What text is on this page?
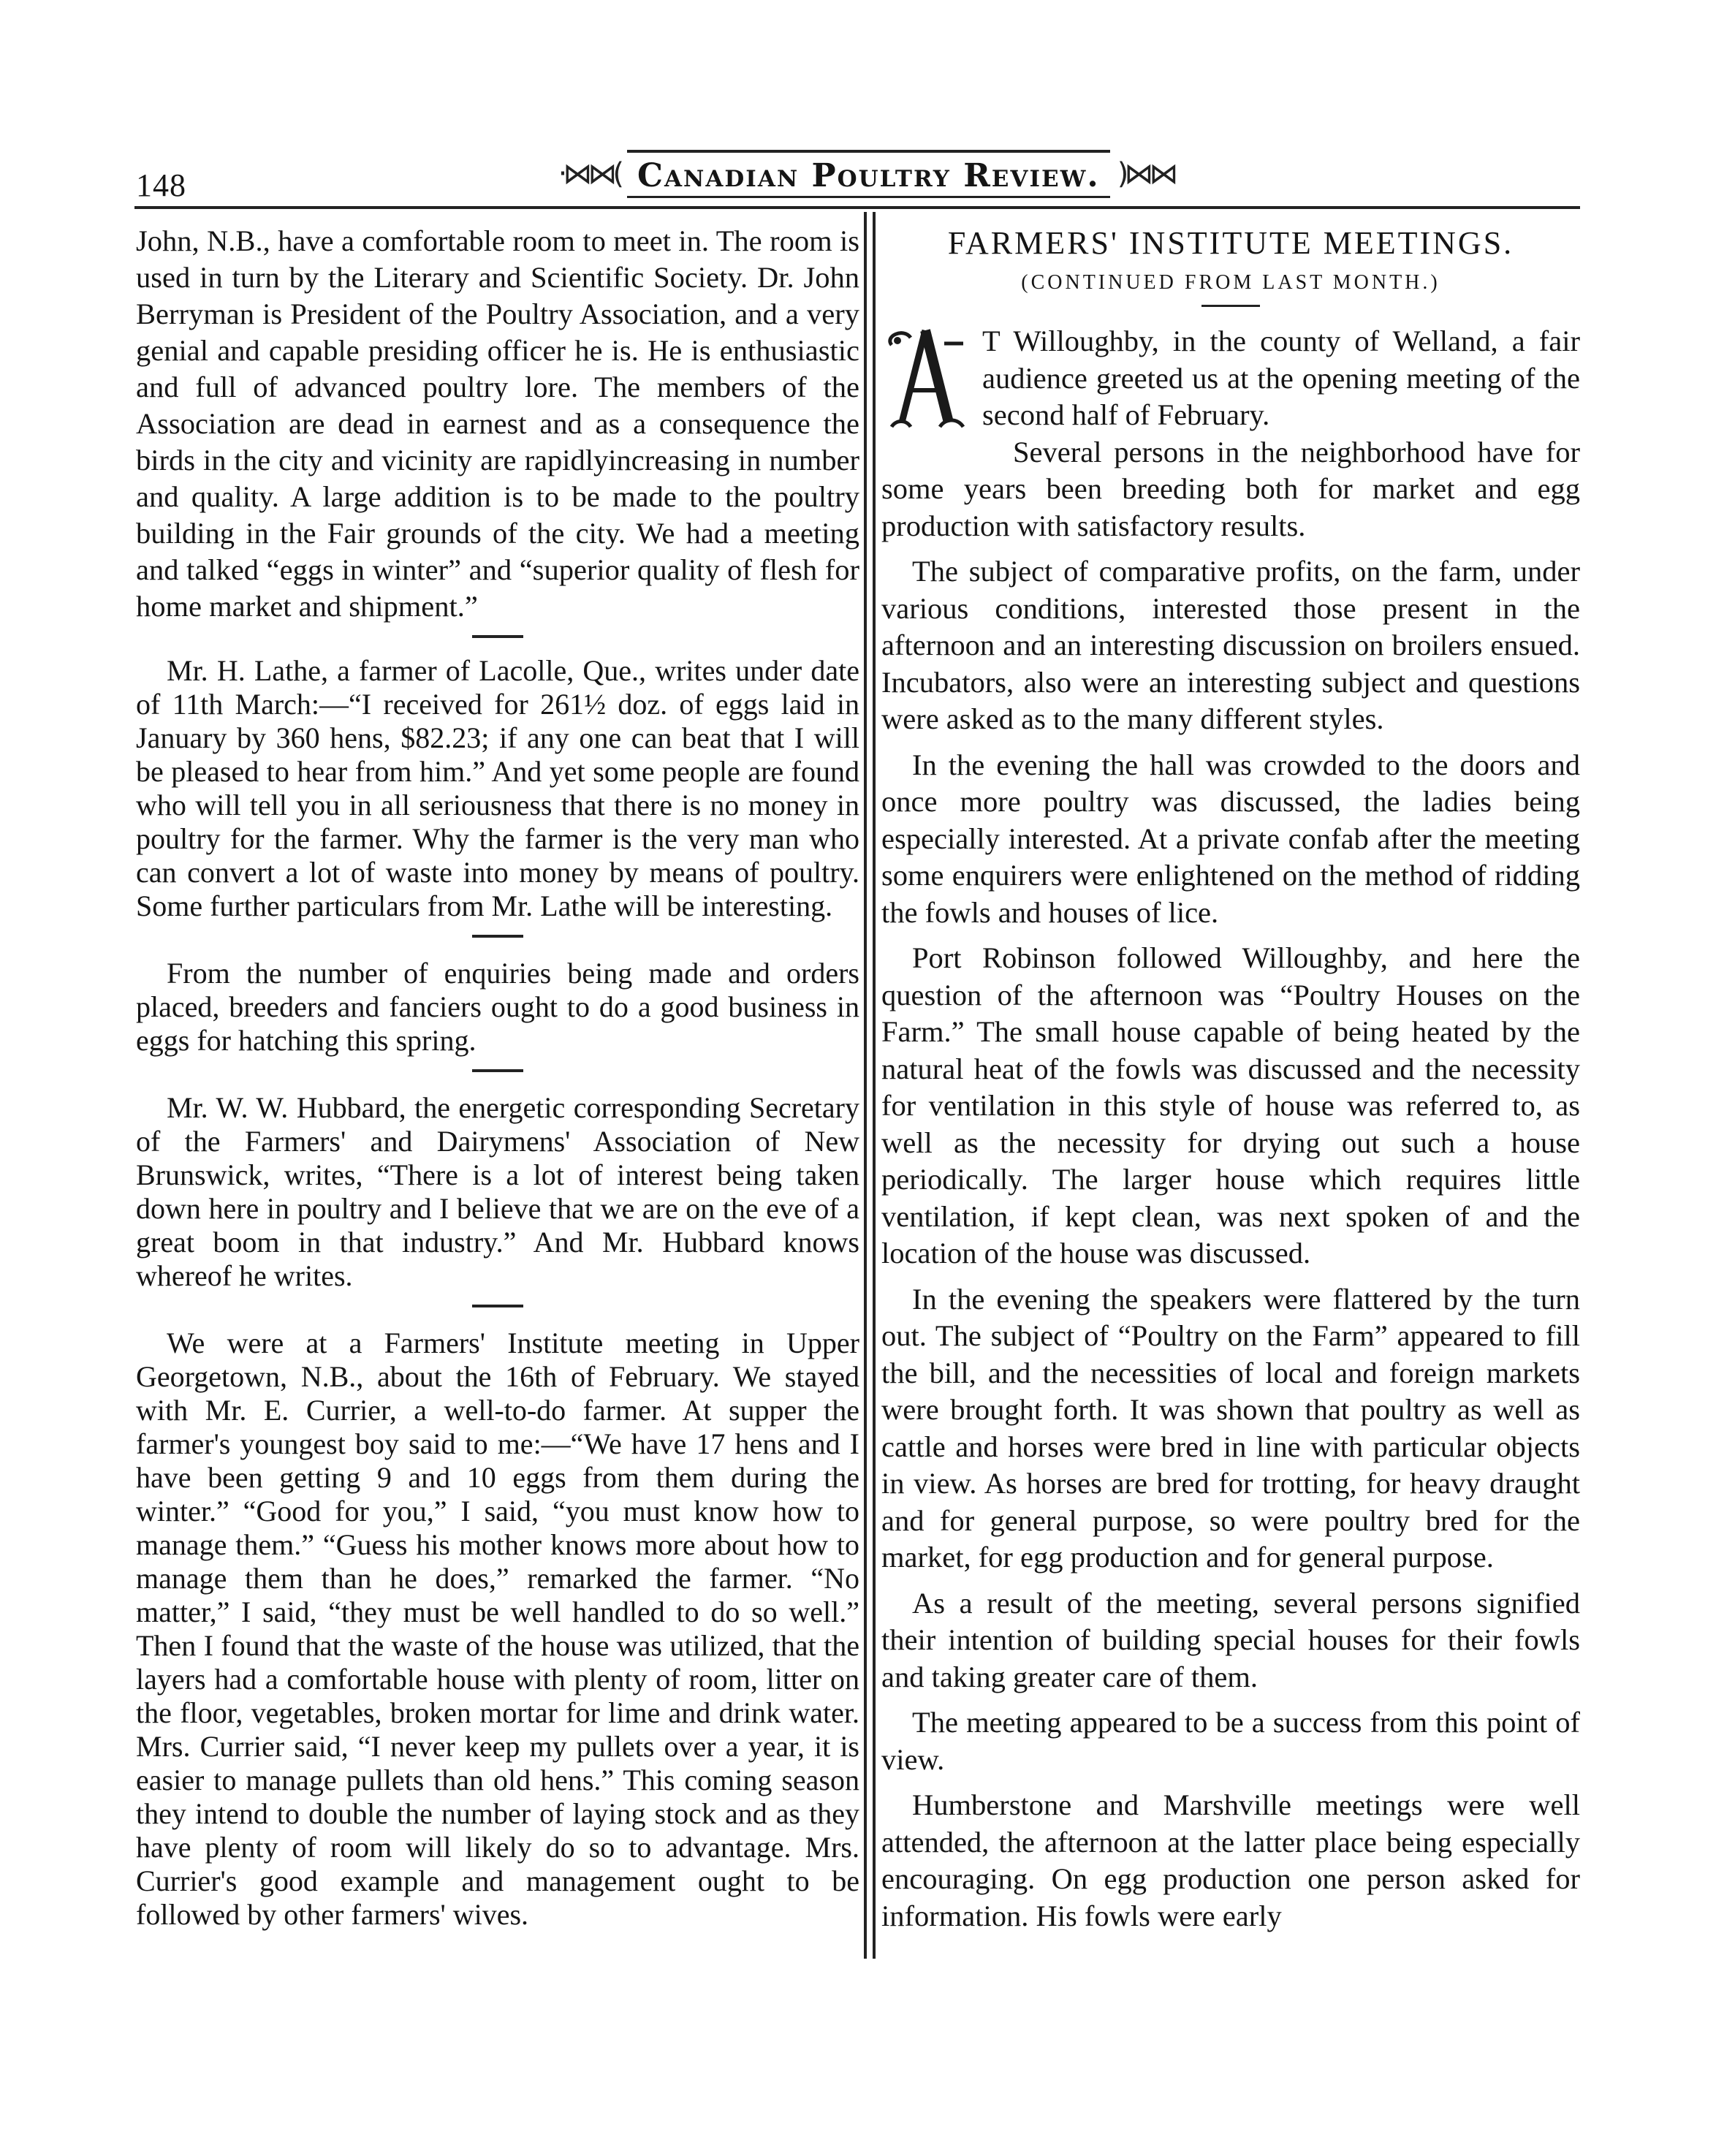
148	·⋈⋈( Canadian Poultry Review. )⋈⋈

John, N.B., have a comfortable room to meet in. The room is used in turn by the Literary and Scientific Society. Dr. John Berryman is President of the Poultry Association, and a very genial and capable presiding officer he is. He is enthusiastic and full of advanced poultry lore. The members of the Association are dead in earnest and as a consequence the birds in the city and vicinity are rapidlyincreasing in number and quality. A large addition is to be made to the poultry building in the Fair grounds of the city. We had a meeting and talked “eggs in winter” and “superior quality of flesh for home market and shipment.”

Mr. H. Lathe, a farmer of Lacolle, Que., writes under date of 11th March:—“I received for 261½ doz. of eggs laid in January by 360 hens, $82.23; if any one can beat that I will be pleased to hear from him.” And yet some people are found who will tell you in all seriousness that there is no money in poultry for the farmer. Why the farmer is the very man who can convert a lot of waste into money by means of poultry. Some further particulars from Mr. Lathe will be interesting.

From the number of enquiries being made and orders placed, breeders and fanciers ought to do a good business in eggs for hatching this spring.

Mr. W. W. Hubbard, the energetic corresponding Secretary of the Farmers' and Dairymens' Association of New Brunswick, writes, “There is a lot of interest being taken down here in poultry and I believe that we are on the eve of a great boom in that industry.” And Mr. Hubbard knows whereof he writes.

We were at a Farmers' Institute meeting in Upper Georgetown, N.B., about the 16th of February. We stayed with Mr. E. Currier, a well-to-do farmer. At supper the farmer's youngest boy said to me:—“We have 17 hens and I have been getting 9 and 10 eggs from them during the winter.” “Good for you,” I said, “you must know how to manage them.” “Guess his mother knows more about how to manage them than he does,” remarked the farmer. “No matter,” I said, “they must be well handled to do so well.” Then I found that the waste of the house was utilized, that the layers had a comfortable house with plenty of room, litter on the floor, vegetables, broken mortar for lime and drink water. Mrs. Currier said, “I never keep my pullets over a year, it is easier to manage pullets than old hens.” This coming season they intend to double the number of laying stock and as they have plenty of room will likely do so to advantage. Mrs. Currier's good example and management ought to be followed by other farmers' wives.

FARMERS' INSTITUTE MEETINGS.
(CONTINUED FROM LAST MONTH.)

T Willoughby, in the county of Welland, a fair audience greeted us at the opening meeting of the second half of February.

Several persons in the neighborhood have for some years been breeding both for market and egg production with satisfactory results.

The subject of comparative profits, on the farm, under various conditions, interested those present in the afternoon and an interesting discussion on broilers ensued. Incubators, also were an interesting subject and questions were asked as to the many different styles.

In the evening the hall was crowded to the doors and once more poultry was discussed, the ladies being especially interested. At a private confab after the meeting some enquirers were enlightened on the method of ridding the fowls and houses of lice.

Port Robinson followed Willoughby, and here the question of the afternoon was “Poultry Houses on the Farm.” The small house capable of being heated by the natural heat of the fowls was discussed and the necessity for ventilation in this style of house was referred to, as well as the necessity for drying out such a house periodically. The larger house which requires little ventilation, if kept clean, was next spoken of and the location of the house was discussed.

In the evening the speakers were flattered by the turn out. The subject of “Poultry on the Farm” appeared to fill the bill, and the necessities of local and foreign markets were brought forth. It was shown that poultry as well as cattle and horses were bred in line with particular objects in view. As horses are bred for trotting, for heavy draught and for general purpose, so were poultry bred for the market, for egg production and for general purpose.

As a result of the meeting, several persons signified their intention of building special houses for their fowls and taking greater care of them.

The meeting appeared to be a success from this point of view.

Humberstone and Marshville meetings were well attended, the afternoon at the latter place being especially encouraging. On egg production one person asked for information. His fowls were early
